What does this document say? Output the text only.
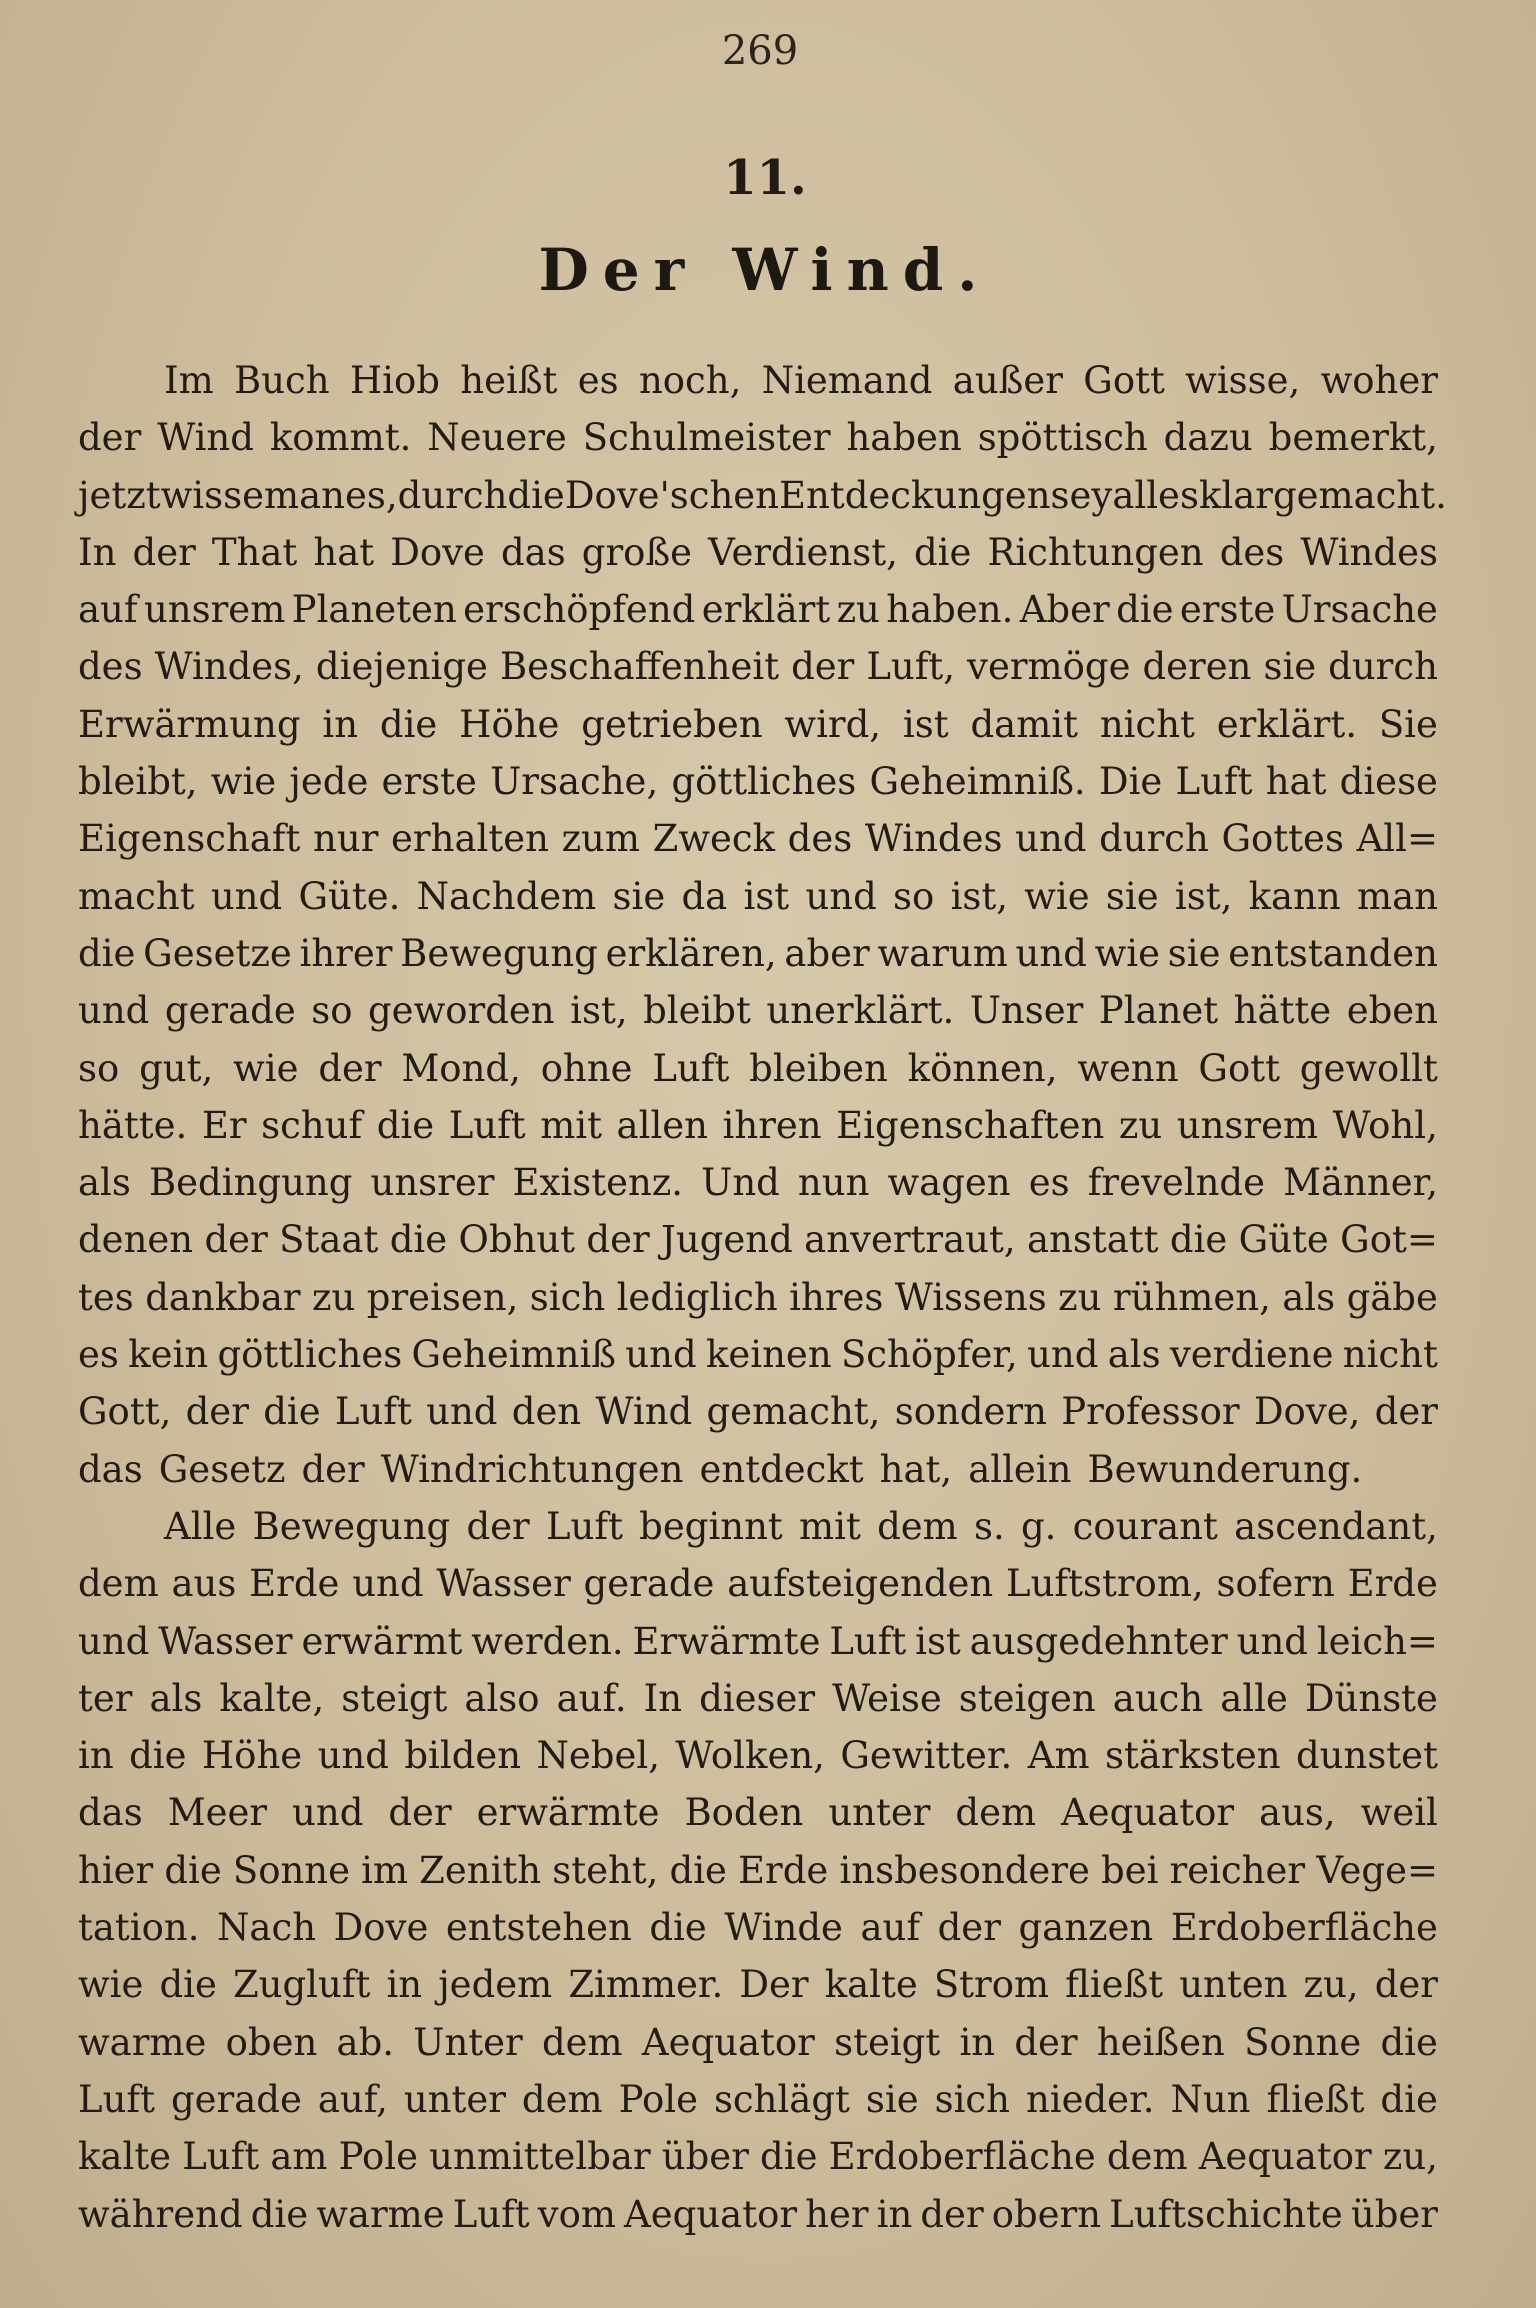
269
11.
Der Wind.
Im Buch Hiob heißt es noch, Niemand außer Gott wisse, woher
der Wind kommt. Neuere Schulmeister haben spöttisch dazu bemerkt,
jetzt wisse man es, durch die Dove'schen Entdeckungen sey alles klar gemacht.
In der That hat Dove das große Verdienst, die Richtungen des Windes
auf unsrem Planeten erschöpfend erklärt zu haben. Aber die erste Ursache
des Windes, diejenige Beschaffenheit der Luft, vermöge deren sie durch
Erwärmung in die Höhe getrieben wird, ist damit nicht erklärt. Sie
bleibt, wie jede erste Ursache, göttliches Geheimniß. Die Luft hat diese
Eigenschaft nur erhalten zum Zweck des Windes und durch Gottes All=
macht und Güte. Nachdem sie da ist und so ist, wie sie ist, kann man
die Gesetze ihrer Bewegung erklären, aber warum und wie sie entstanden
und gerade so geworden ist, bleibt unerklärt. Unser Planet hätte eben
so gut, wie der Mond, ohne Luft bleiben können, wenn Gott gewollt
hätte. Er schuf die Luft mit allen ihren Eigenschaften zu unsrem Wohl,
als Bedingung unsrer Existenz. Und nun wagen es frevelnde Männer,
denen der Staat die Obhut der Jugend anvertraut, anstatt die Güte Got=
tes dankbar zu preisen, sich lediglich ihres Wissens zu rühmen, als gäbe
es kein göttliches Geheimniß und keinen Schöpfer, und als verdiene nicht
Gott, der die Luft und den Wind gemacht, sondern Professor Dove, der
das Gesetz der Windrichtungen entdeckt hat, allein Bewunderung.
Alle Bewegung der Luft beginnt mit dem s. g. courant ascendant,
dem aus Erde und Wasser gerade aufsteigenden Luftstrom, sofern Erde
und Wasser erwärmt werden. Erwärmte Luft ist ausgedehnter und leich=
ter als kalte, steigt also auf. In dieser Weise steigen auch alle Dünste
in die Höhe und bilden Nebel, Wolken, Gewitter. Am stärksten dunstet
das Meer und der erwärmte Boden unter dem Aequator aus, weil
hier die Sonne im Zenith steht, die Erde insbesondere bei reicher Vege=
tation. Nach Dove entstehen die Winde auf der ganzen Erdoberfläche
wie die Zugluft in jedem Zimmer. Der kalte Strom fließt unten zu, der
warme oben ab. Unter dem Aequator steigt in der heißen Sonne die
Luft gerade auf, unter dem Pole schlägt sie sich nieder. Nun fließt die
kalte Luft am Pole unmittelbar über die Erdoberfläche dem Aequator zu,
während die warme Luft vom Aequator her in der obern Luftschichte über
